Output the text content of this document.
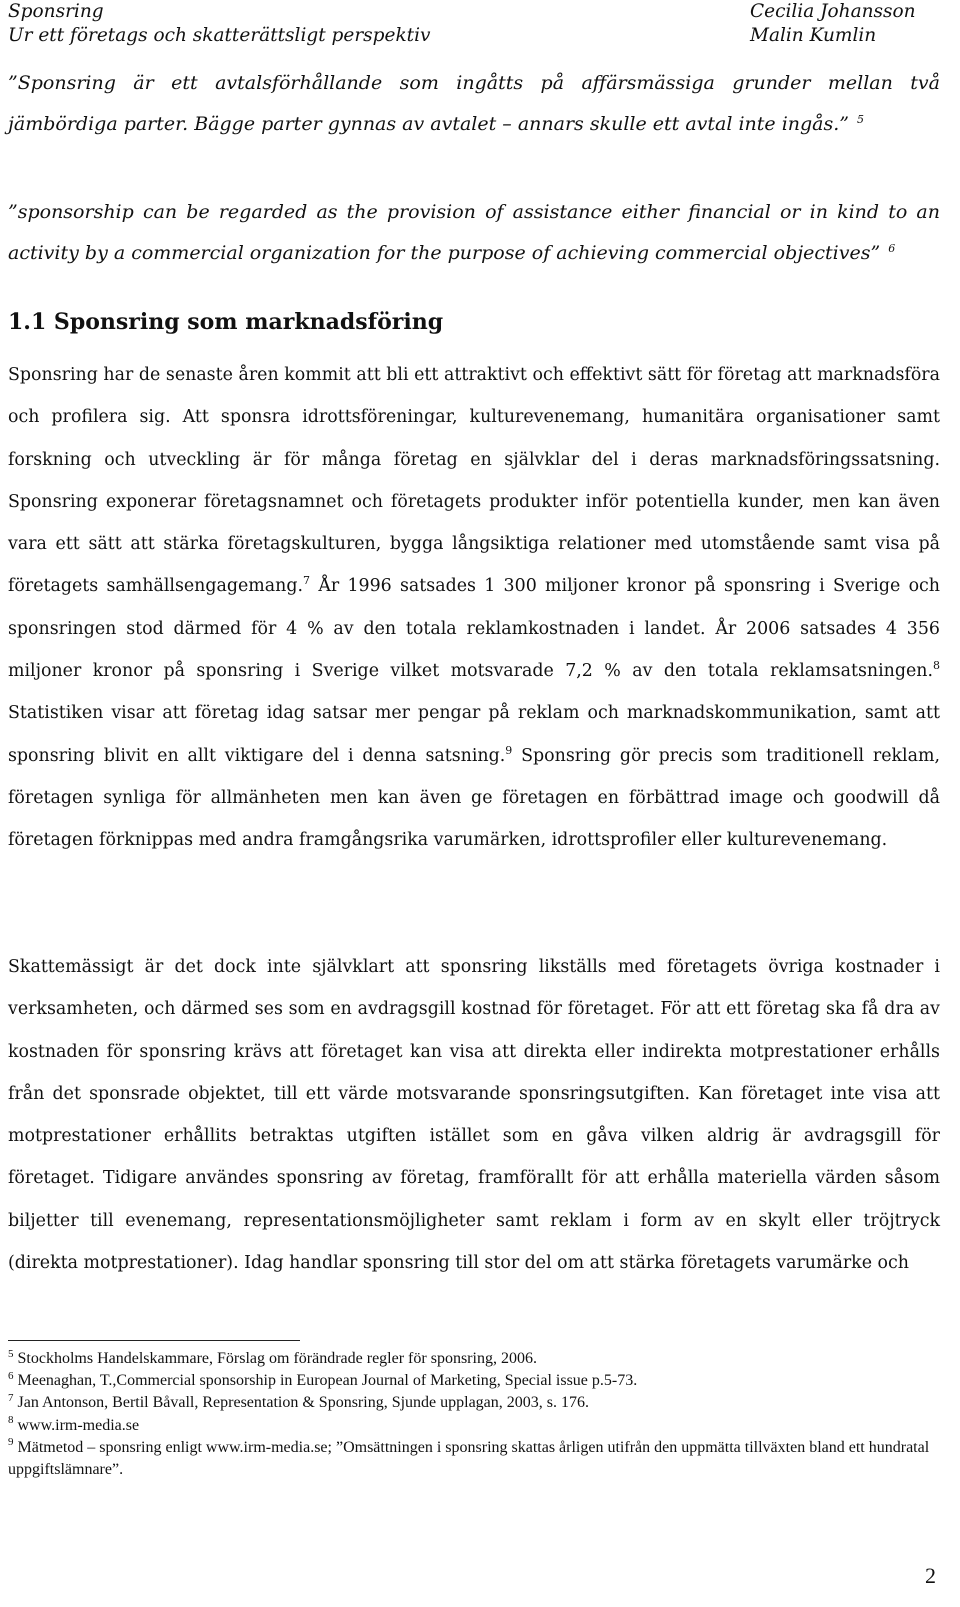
Sponsring
Ur ett företags och skatterättsligt perspektiv
Cecilia Johansson
Malin Kumlin
”Sponsring är ett avtalsförhållande som ingåtts på affärsmässiga grunder mellan två jämbördiga parter. Bägge parter gynnas av avtalet – annars skulle ett avtal inte ingås.” $^5$
”sponsorship can be regarded as the provision of assistance either financial or in kind to an activity by a commercial organization for the purpose of achieving commercial objectives” $^6$
1.1 Sponsring som marknadsföring

Sponsring har de senaste åren kommit att bli ett attraktivt och effektivt sätt för företag att marknadsföra och profilera sig. Att sponsra idrottsföreningar, kulturevenemang, humanitära organisationer samt forskning och utveckling är för många företag en självklar del i deras marknadsföringssatsning. Sponsring exponerar företagsnamnet och företagets produkter inför potentiella kunder, men kan även vara ett sätt att stärka företagskulturen, bygga långsiktiga relationer med utomstående samt visa på företagets samhällsengagemang.$^7$ År 1996 satsades 1 300 miljoner kronor på sponsring i Sverige och sponsringen stod därmed för 4 % av den totala reklamkostnaden i landet. År 2006 satsades 4 356 miljoner kronor på sponsring i Sverige vilket motsvarade 7,2 % av den totala reklamsatsningen.$^8$ Statistiken visar att företag idag satsar mer pengar på reklam och marknadskommunikation, samt att sponsring blivit en allt viktigare del i denna satsning.$^9$ Sponsring gör precis som traditionell reklam, företagen synliga för allmänheten men kan även ge företagen en förbättrad image och goodwill då företagen förknippas med andra framgångsrika varumärken, idrottsprofiler eller kulturevenemang.

Skattemässigt är det dock inte självklart att sponsring likställs med företagets övriga kostnader i verksamheten, och därmed ses som en avdragsgill kostnad för företaget. För att ett företag ska få dra av kostnaden för sponsring krävs att företaget kan visa att direkta eller indirekta motprestationer erhålls från det sponsrade objektet, till ett värde motsvarande sponsringsutgiften. Kan företaget inte visa att motprestationer erhållits betraktas utgiften istället som en gåva vilken aldrig är avdragsgill för företaget. Tidigare användes sponsring av företag, framförallt för att erhålla materiella värden såsom biljetter till evenemang, representationsmöjligheter samt reklam i form av en skylt eller tröjtryck (direkta motprestationer). Idag handlar sponsring till stor del om att stärka företagets varumärke och

$^5$ Stockholms Handelskammare, Förslag om förändrade regler för sponsring, 2006.
$^6$ Meenaghan, T.,Commercial sponsorship in European Journal of Marketing, Special issue p.5-73.
$^7$ Jan Antonson, Bertil Båvall, Representation & Sponsring, Sjunde upplagan, 2003, s. 176.
$^8$ www.irm-media.se
$^9$ Mätmetod – sponsring enligt www.irm-media.se; ”Omsättningen i sponsring skattas årligen utifrån den uppmätta tillväxten bland ett hundratal uppgiftslämnare”.
2
